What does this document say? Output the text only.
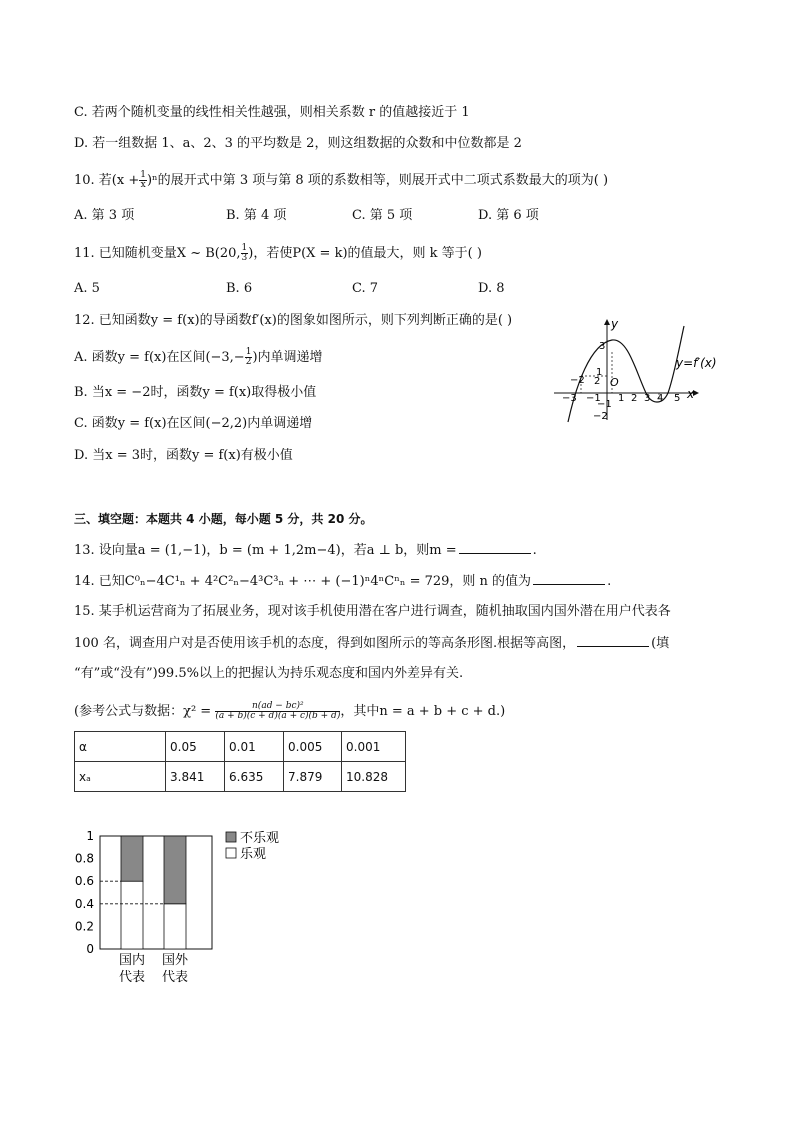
C. 若两个随机变量的线性相关性越强，则相关系数 r 的值越接近于 1
D. 若一组数据 1、a、2、3 的平均数是 2，则这组数据的众数和中位数都是 2
10. 若$(x + \frac{1}{x} )^n$的展开式中第 3 项与第 8 项的系数相等，则展开式中二项式系数最大的项为( )
A. 第 3 项	B. 第 4 项	C. 第 5 项	D. 第 6 项
11. 已知随机变量X ~ B(20, $\frac{1}{3}$ )，若使P(X = k)的值最大，则 k 等于( )
A. 5	B. 6	C. 7	D. 8
12. 已知函数y = f(x)的导函数f′(x)的图象如图所示，则下列判断正确的是( )
A. 函数y = f(x)在区间($-3,- \frac{1}{2}$ )内单调递增
B. 当x = −2时，函数y = f(x)取得极小值
C. 函数y = f(x)在区间(−2,2)内单调递增
D. 当x = 3时，函数y = f(x)有极小值
y
x
y=f′(x)
O
−3
−2
−1 1 2 3 4 5
3
2
1
−1
−2
三、填空题：本题共 4 小题，每小题 5 分，共 20 分。
13. 设向量a = (1,−1)，b = (m + 1,2m−4)，若a ⊥ b，则m =	.
14. 已知C⁰ₙ−4C¹ₙ + 4²C²ₙ−4³C³ₙ + ⋯ + (−1)ⁿ4ⁿCⁿₙ = 729，则 n 的值为	.
15. 某手机运营商为了拓展业务，现对该手机使用潜在客户进行调查，随机抽取国内国外潜在用户代表各
100 名，调查用户对是否使用该手机的态度，得到如图所示的等高条形图.根据等高图，	(填
“有”或“没有”)99.5%以上的把握认为持乐观态度和国内外差异有关.
(参考公式与数据：$\chi^2 = \frac{\text{n(ad − bc)²}}{(a + b)(c + d)(a + c)(b + d)}$ ，其中n = a + b + c + d.)
α	0.05	0.01	0.005	0.001
xₐ	3.841	6.635	7.879	10.828
0
0.2
0.4
0.6
0.8
1
国内
代表
国外
代表
不乐观
乐观
